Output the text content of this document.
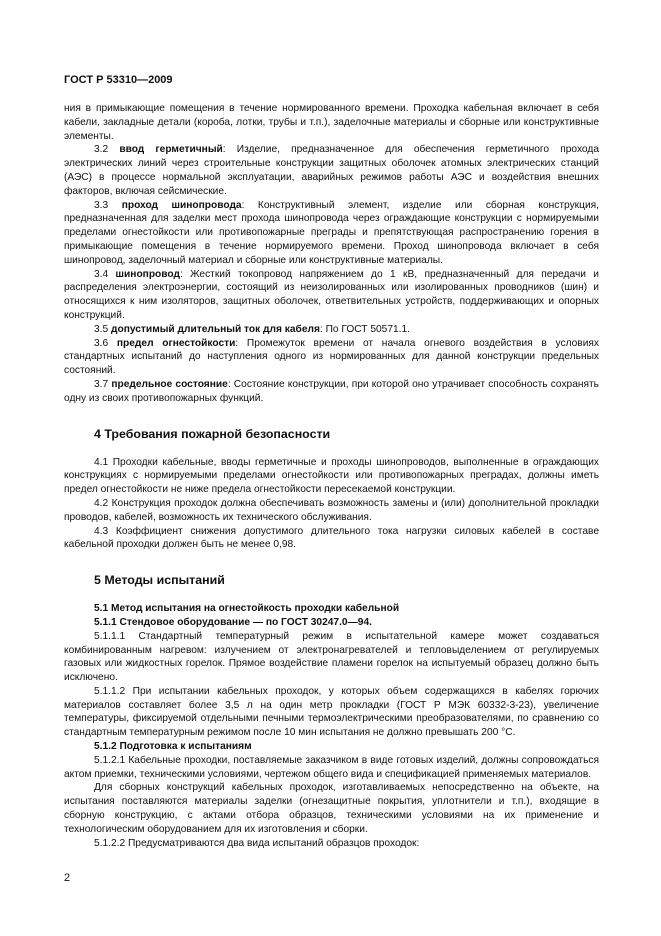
ГОСТ Р 53310—2009

ния в примыкающие помещения в течение нормированного времени. Проходка кабельная включает в себя кабели, закладные детали (короба, лотки, трубы и т.п.), заделочные материалы и сборные или конструктивные элементы.

3.2 ввод герметичный: Изделие, предназначенное для обеспечения герметичного прохода электрических линий через строительные конструкции защитных оболочек атомных электрических станций (АЭС) в процессе нормальной эксплуатации, аварийных режимов работы АЭС и воздействия внешних факторов, включая сейсмические.

3.3 проход шинопровода: Конструктивный элемент, изделие или сборная конструкция, предназначенная для заделки мест прохода шинопровода через ограждающие конструкции с нормируемыми пределами огнестойкости или противопожарные преграды и препятствующая распространению горения в примыкающие помещения в течение нормируемого времени. Проход шинопровода включает в себя шинопровод, заделочный материал и сборные или конструктивные материалы.

3.4 шинопровод: Жесткий токопровод напряжением до 1 кВ, предназначенный для передачи и распределения электроэнергии, состоящий из неизолированных или изолированных проводников (шин) и относящихся к ним изоляторов, защитных оболочек, ответвительных устройств, поддерживающих и опорных конструкций.

3.5 допустимый длительный ток для кабеля: По ГОСТ 50571.1.

3.6 предел огнестойкости: Промежуток времени от начала огневого воздействия в условиях стандартных испытаний до наступления одного из нормированных для данной конструкции предельных состояний.

3.7 предельное состояние: Состояние конструкции, при которой оно утрачивает способность сохранять одну из своих противопожарных функций.

4 Требования пожарной безопасности

4.1 Проходки кабельные, вводы герметичные и проходы шинопроводов, выполненные в ограждающих конструкциях с нормируемыми пределами огнестойкости или противопожарных преградах, должны иметь предел огнестойкости не ниже предела огнестойкости пересекаемой конструкции.

4.2 Конструкция проходок должна обеспечивать возможность замены и (или) дополнительной прокладки проводов, кабелей, возможность их технического обслуживания.

4.3 Коэффициент снижения допустимого длительного тока нагрузки силовых кабелей в составе кабельной проходки должен быть не менее 0,98.

5 Методы испытаний

5.1 Метод испытания на огнестойкость проходки кабельной

5.1.1 Стендовое оборудование — по ГОСТ 30247.0—94.

5.1.1.1 Стандартный температурный режим в испытательной камере может создаваться комбинированным нагревом: излучением от электронагревателей и тепловыделением от регулируемых газовых или жидкостных горелок. Прямое воздействие пламени горелок на испытуемый образец должно быть исключено.

5.1.1.2 При испытании кабельных проходок, у которых объем содержащихся в кабелях горючих материалов составляет более 3,5 л на один метр прокладки (ГОСТ Р МЭК 60332-3-23), увеличение температуры, фиксируемой отдельными печными термоэлектрическими преобразователями, по сравнению со стандартным температурным режимом после 10 мин испытания не должно превышать 200 °С.

5.1.2 Подготовка к испытаниям

5.1.2.1 Кабельные проходки, поставляемые заказчиком в виде готовых изделий, должны сопровождаться актом приемки, техническими условиями, чертежом общего вида и спецификацией применяемых материалов.

Для сборных конструкций кабельных проходок, изготавливаемых непосредственно на объекте, на испытания поставляются материалы заделки (огнезащитные покрытия, уплотнители и т.п.), входящие в сборную конструкцию, с актами отбора образцов, техническими условиями на их применение и технологическим оборудованием для их изготовления и сборки.

5.1.2.2 Предусматриваются два вида испытаний образцов проходок:

2
